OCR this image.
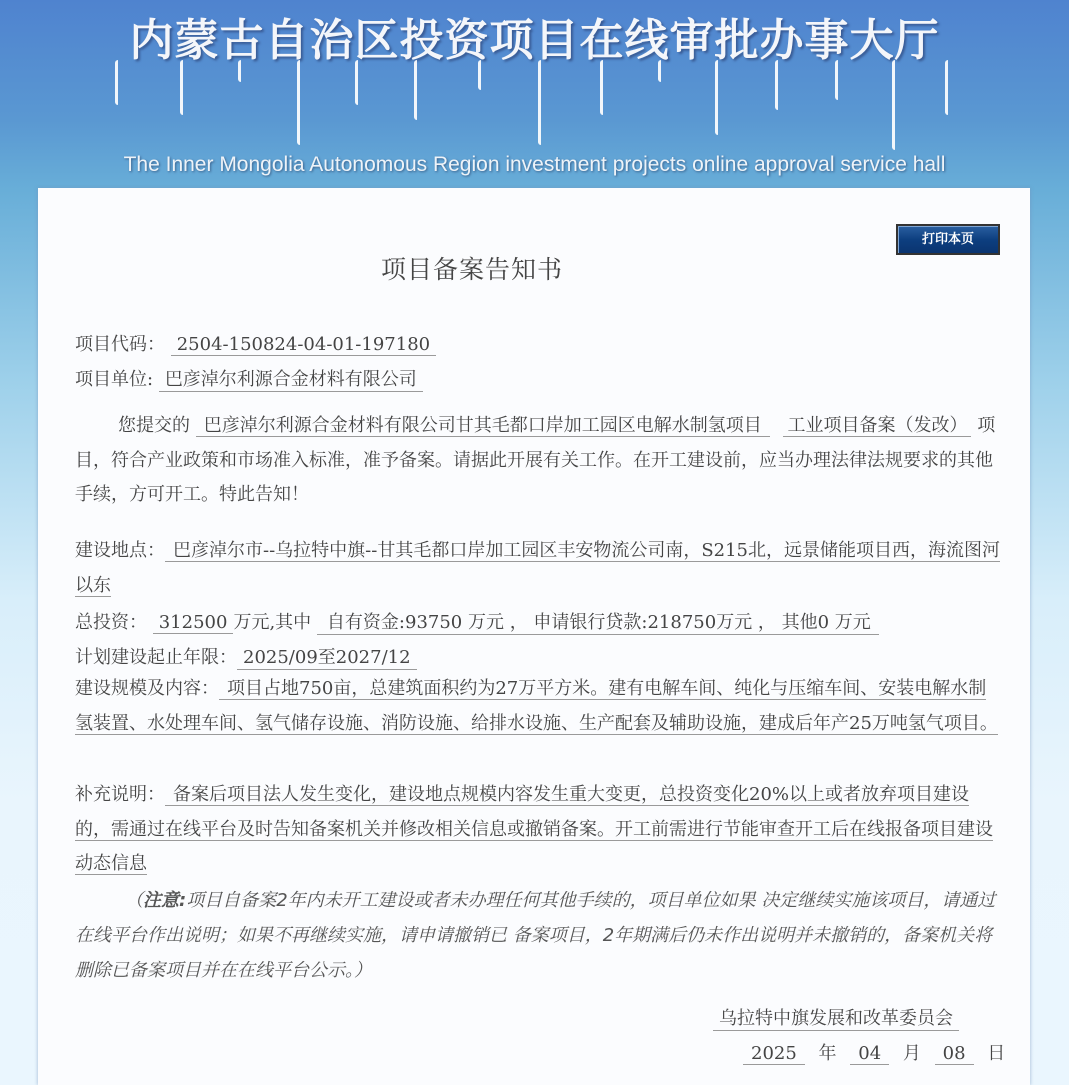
内蒙古自治区投资项目在线审批办事大厅
The Inner Mongolia Autonomous Region investment projects online approval service hall
打印本页
项目备案告知书
项目代码： 2504-150824-04-01-197180
项目单位: 巴彦淖尔利源合金材料有限公司
您提交的 巴彦淖尔利源合金材料有限公司甘其毛都口岸加工园区电解水制氢项目 工业项目备案（发改） 项目，符合产业政策和市场准入标准，准予备案。请据此开展有关工作。在开工建设前，应当办理法律法规要求的其他手续，方可开工。特此告知！
建设地点： 巴彦淖尔市--乌拉特中旗--甘其毛都口岸加工园区丰安物流公司南，S215北，远景储能项目西，海流图河以东
总投资： 312500 万元,其中 自有资金:93750 万元 ， 申请银行贷款:218750万元 ， 其他0 万元
计划建设起止年限： 2025/09至2027/12
建设规模及内容： 项目占地750亩，总建筑面积约为27万平方米。建有电解车间、纯化与压缩车间、安装电解水制氢装置、水处理车间、氢气储存设施、消防设施、给排水设施、生产配套及辅助设施，建成后年产25万吨氢气项目。
补充说明： 备案后项目法人发生变化，建设地点规模内容发生重大变更，总投资变化20%以上或者放弃项目建设的，需通过在线平台及时告知备案机关并修改相关信息或撤销备案。开工前需进行节能审查开工后在线报备项目建设动态信息
（注意:项目自备案2年内未开工建设或者未办理任何其他手续的，项目单位如果 决定继续实施该项目，请通过在线平台作出说明；如果不再继续实施，请申请撤销已 备案项目，2年期满后仍未作出说明并未撤销的，备案机关将删除已备案项目并在在线平台公示。）
乌拉特中旗发展和改革委员会
2025 年 04 月 08 日
